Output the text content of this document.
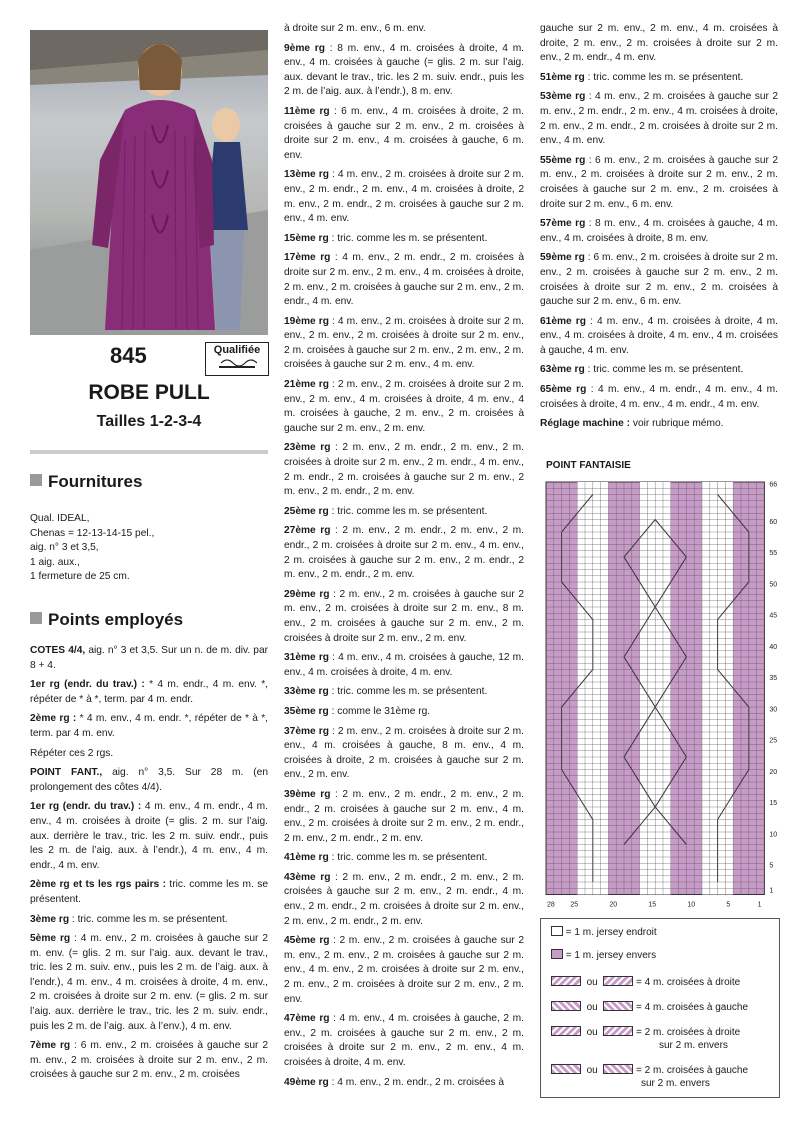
845	Qualifiée
ROBE PULL
Tailles 1-2-3-4
Fournitures
Qual. IDEAL,
Chenas = 12-13-14-15 pel.,
aig. n° 3 et 3,5,
1 aig. aux.,
1 fermeture de 25 cm.
Points employés
COTES 4/4, aig. n° 3 et 3,5. Sur un n. de m. div. par 8 + 4.
1er rg (endr. du trav.) : * 4 m. endr., 4 m. env. *, répéter de * à *, term. par 4 m. endr.
2ème rg : * 4 m. env., 4 m. endr. *, répéter de * à *, term. par 4 m. env.
Répéter ces 2 rgs.
POINT FANT., aig. n° 3,5. Sur 28 m. (en prolongement des côtes 4/4).
1er rg (endr. du trav.) : 4 m. env., 4 m. endr., 4 m. env., 4 m. croisées à droite (= glis. 2 m. sur l’aig. aux. derrière le trav., tric. les 2 m. suiv. endr., puis les 2 m. de l’aig. aux. à l’endr.), 4 m. env., 4 m. endr., 4 m. env.
2ème rg et ts les rgs pairs : tric. comme les m. se présentent.
3ème rg : tric. comme les m. se présentent.
5ème rg : 4 m. env., 2 m. croisées à gauche sur 2 m. env. (= glis. 2 m. sur l’aig. aux. devant le trav., tric. les 2 m. suiv. env., puis les 2 m. de l’aig. aux. à l’endr.), 4 m. env., 4 m. croisées à droite, 4 m. env., 2 m. croisées à droite sur 2 m. env. (= glis. 2 m. sur l’aig. aux. derrière le trav., tric. les 2 m. suiv. endr., puis les 2 m. de l’aig. aux. à l’env.), 4 m. env.
7ème rg : 6 m. env., 2 m. croisées à gauche sur 2 m. env., 2 m. croisées à droite sur 2 m. env., 2 m. croisées à gauche sur 2 m. env., 2 m. croisées
à droite sur 2 m. env., 6 m. env.
9ème rg : 8 m. env., 4 m. croisées à droite, 4 m. env., 4 m. croisées à gauche (= glis. 2 m. sur l’aig. aux. devant le trav., tric. les 2 m. suiv. endr., puis les 2 m. de l’aig. aux. à l’endr.), 8 m. env.
11ème rg : 6 m. env., 4 m. croisées à droite, 2 m. croisées à gauche sur 2 m. env., 2 m. croisées à droite sur 2 m. env., 4 m. croisées à gauche, 6 m. env.
13ème rg : 4 m. env., 2 m. croisées à droite sur 2 m. env., 2 m. endr., 2 m. env., 4 m. croisées à droite, 2 m. env., 2 m. endr., 2 m. croisées à gauche sur 2 m. env., 4 m. env.
15ème rg : tric. comme les m. se présentent.
17ème rg : 4 m. env., 2 m. endr., 2 m. croisées à droite sur 2 m. env., 2 m. env., 4 m. croisées à droite, 2 m. env., 2 m. croisées à gauche sur 2 m. env., 2 m. endr., 4 m. env.
19ème rg : 4 m. env., 2 m. croisées à droite sur 2 m. env., 2 m. env., 2 m. croisées à droite sur 2 m. env., 2 m. croisées à gauche sur 2 m. env., 2 m. env., 2 m. croisées à gauche sur 2 m. env., 4 m. env.
21ème rg : 2 m. env., 2 m. croisées à droite sur 2 m. env., 2 m. env., 4 m. croisées à droite, 4 m. env., 4 m. croisées à gauche, 2 m. env., 2 m. croisées à gauche sur 2 m. env., 2 m. env.
23ème rg : 2 m. env., 2 m. endr., 2 m. env., 2 m. croisées à droite sur 2 m. env., 2 m. endr., 4 m. env., 2 m. endr., 2 m. croisées à gauche sur 2 m. env., 2 m. env., 2 m. endr., 2 m. env.
25ème rg : tric. comme les m. se présentent.
27ème rg : 2 m. env., 2 m. endr., 2 m. env., 2 m. endr., 2 m. croisées à droite sur 2 m. env., 4 m. env., 2 m. croisées à gauche sur 2 m. env., 2 m. endr., 2 m. env., 2 m. endr., 2 m. env.
29ème rg : 2 m. env., 2 m. croisées à gauche sur 2 m. env., 2 m. croisées à droite sur 2 m. env., 8 m. env., 2 m. croisées à gauche sur 2 m. env., 2 m. croisées à droite sur 2 m. env., 2 m. env.
31ème rg : 4 m. env., 4 m. croisées à gauche, 12 m. env., 4 m. croisées à droite, 4 m. env.
33ème rg : tric. comme les m. se présentent.
35ème rg : comme le 31ème rg.
37ème rg : 2 m. env., 2 m. croisées à droite sur 2 m. env., 4 m. croisées à gauche, 8 m. env., 4 m. croisées à droite, 2 m. croisées à gauche sur 2 m. env., 2 m. env.
39ème rg : 2 m. env., 2 m. endr., 2 m. env., 2 m. endr., 2 m. croisées à gauche sur 2 m. env., 4 m. env., 2 m. croisées à droite sur 2 m. env., 2 m. endr., 2 m. env., 2 m. endr., 2 m. env.
41ème rg : tric. comme les m. se présentent.
43ème rg : 2 m. env., 2 m. endr., 2 m. env., 2 m. croisées à gauche sur 2 m. env., 2 m. endr., 4 m. env., 2 m. endr., 2 m. croisées à droite sur 2 m. env., 2 m. env., 2 m. endr., 2 m. env.
45ème rg : 2 m. env., 2 m. croisées à gauche sur 2 m. env., 2 m. env., 2 m. croisées à gauche sur 2 m. env., 4 m. env., 2 m. croisées à droite sur 2 m. env., 2 m. env., 2 m. croisées à droite sur 2 m. env., 2 m. env.
47ème rg : 4 m. env., 4 m. croisées à gauche, 2 m. env., 2 m. croisées à gauche sur 2 m. env., 2 m. croisées à droite sur 2 m. env., 2 m. env., 4 m. croisées à droite, 4 m. env.
49ème rg : 4 m. env., 2 m. endr., 2 m. croisées à
gauche sur 2 m. env., 2 m. env., 4 m. croisées à droite, 2 m. env., 2 m. croisées à droite sur 2 m. env., 2 m. endr., 4 m. env.
51ème rg : tric. comme les m. se présentent.
53ème rg : 4 m. env., 2 m. croisées à gauche sur 2 m. env., 2 m. endr., 2 m. env., 4 m. croisées à droite, 2 m. env., 2 m. endr., 2 m. croisées à droite sur 2 m. env., 4 m. env.
55ème rg : 6 m. env., 2 m. croisées à gauche sur 2 m. env., 2 m. croisées à droite sur 2 m. env., 2 m. croisées à gauche sur 2 m. env., 2 m. croisées à droite sur 2 m. env., 6 m. env.
57ème rg : 8 m. env., 4 m. croisées à gauche, 4 m. env., 4 m. croisées à droite, 8 m. env.
59ème rg : 6 m. env., 2 m. croisées à droite sur 2 m. env., 2 m. croisées à gauche sur 2 m. env., 2 m. croisées à droite sur 2 m. env., 2 m. croisées à gauche sur 2 m. env., 6 m. env.
61ème rg : 4 m. env., 4 m. croisées à droite, 4 m. env., 4 m. croisées à droite, 4 m. env., 4 m. croisées à gauche, 4 m. env.
63ème rg : tric. comme les m. se présentent.
65ème rg : 4 m. env., 4 m. endr., 4 m. env., 4 m. croisées à droite, 4 m. env., 4 m. endr., 4 m. env.
Réglage machine : voir rubrique mémo.
POINT FANTAISIE
66
60
55
50
45
40
35
30
25
20
15
10
5
1
28 25	20	15	10	5	1
= 1 m. jersey endroit
= 1 m. jersey envers
ou	= 4 m. croisées à droite
ou	= 4 m. croisées à gauche
ou	= 2 m. croisées à droite
sur 2 m. envers
ou	= 2 m. croisées à gauche
sur 2 m. envers
